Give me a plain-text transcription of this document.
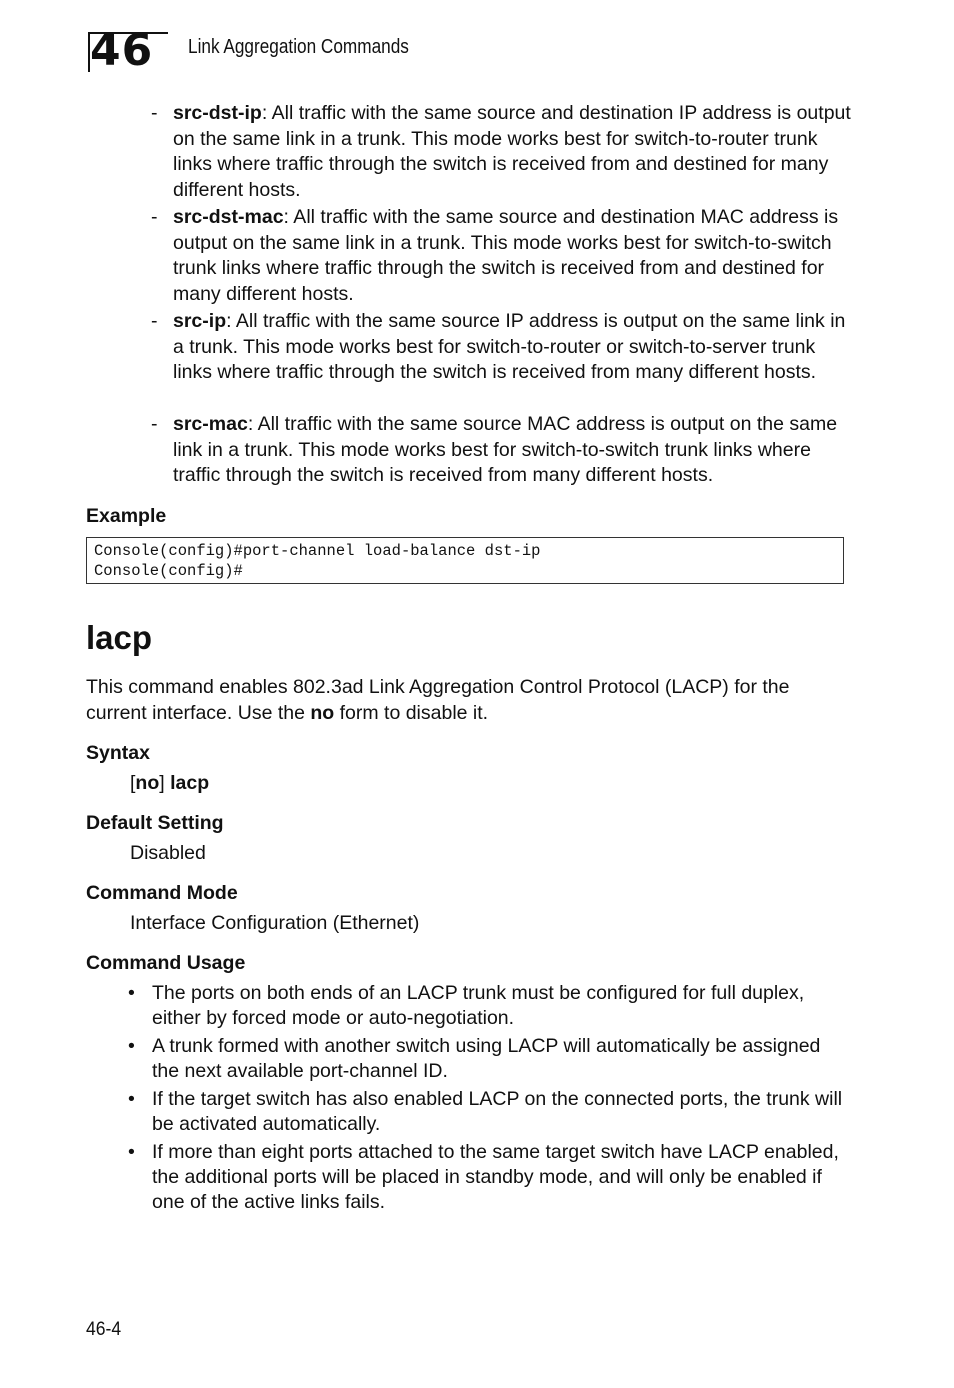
46 Link Aggregation Commands
- src-dst-ip: All traffic with the same source and destination IP address is output on the same link in a trunk. This mode works best for switch-to-router trunk links where traffic through the switch is received from and destined for many different hosts.
- src-dst-mac: All traffic with the same source and destination MAC address is output on the same link in a trunk. This mode works best for switch-to-switch trunk links where traffic through the switch is received from and destined for many different hosts.
- src-ip: All traffic with the same source IP address is output on the same link in a trunk. This mode works best for switch-to-router or switch-to-server trunk links where traffic through the switch is received from many different hosts.
- src-mac: All traffic with the same source MAC address is output on the same link in a trunk. This mode works best for switch-to-switch trunk links where traffic through the switch is received from many different hosts.
Example
Console(config)#port-channel load-balance dst-ip
Console(config)#
lacp
This command enables 802.3ad Link Aggregation Control Protocol (LACP) for the current interface. Use the no form to disable it.
Syntax
[no] lacp
Default Setting
Disabled
Command Mode
Interface Configuration (Ethernet)
Command Usage
• The ports on both ends of an LACP trunk must be configured for full duplex, either by forced mode or auto-negotiation.
• A trunk formed with another switch using LACP will automatically be assigned the next available port-channel ID.
• If the target switch has also enabled LACP on the connected ports, the trunk will be activated automatically.
• If more than eight ports attached to the same target switch have LACP enabled, the additional ports will be placed in standby mode, and will only be enabled if one of the active links fails.
46-4
